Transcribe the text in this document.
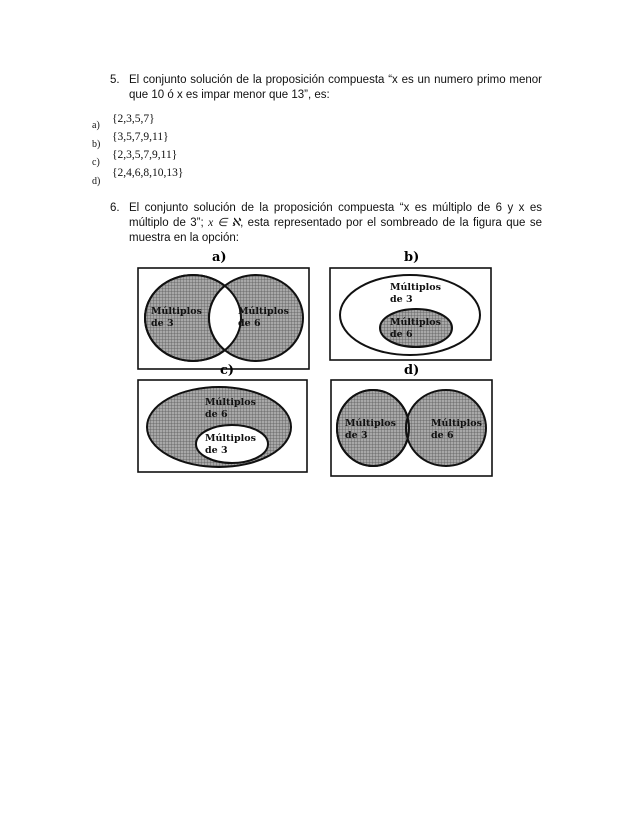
5. El conjunto solución de la proposición compuesta “x es un numero primo menor que 10 ó x es impar menor que 13”, es:
a)
{2,3,5,7}
b)
{3,5,7,9,11}
c)
{2,3,5,7,9,11}
d)
{2,4,6,8,10,13}
6. El conjunto solución de la proposición compuesta “x es múltiplo de 6 y x es múltiplo de 3”; x ∈ ℵ, esta representado por el sombreado de la figura que se muestra en la opción:
a)
Múltiplos
de 3
Múltiplos
de 6
b)
Múltiplos
de 3
Múltiplos
de 6
c)
Múltiplos
de 6
Múltiplos
de 3
d)
Múltiplos
de 3
Múltiplos
de 6
